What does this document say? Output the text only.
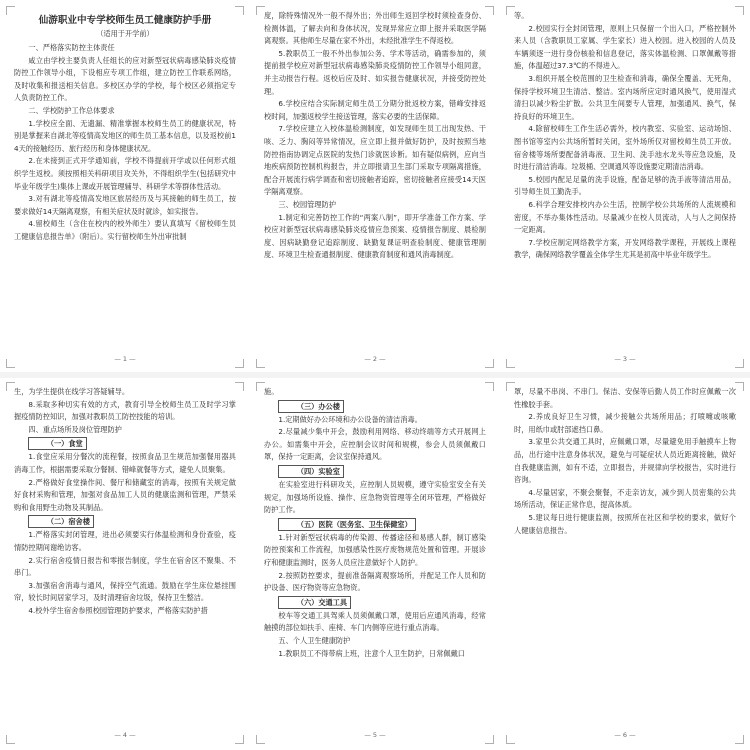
仙游职业中专学校师生员工健康防护手册
（适用于开学前）

一、严格落实防控主体责任

咸立由学校主要负责人任组长的应对新型冠状病毒感染肺炎疫情防控工作领导小组，下设相应专项工作组，建立防控工作联系网络，及时收集和报送相关信息。多校区办学的学校，每个校区必须指定专人负责防控工作。

二、学校防护工作总体要求

1.学校应全面、无遗漏、精准掌握本校师生员工的健康状况，特别是掌握来自湖北等疫情高发地区的师生员工基本信息，以及返校前14天的接触经历、旅行经历和身体健康状况。

2.在未接到正式开学通知前，学校不得提前开学或以任何形式组织学生返校。须按照相关科研项目攻关外，不得组织学生(包括研究中毕业年级学生)集体上课或开展管理辅导、科研学术等群体性活动。

3.对有湖北等疫情高发地区旅居经历及与其接触的师生员工，按要求做好14天隔离观察，有相关症状及时就诊，如实报告。

4.留校师生（含住在校内的校外师生）要认真填写《留校师生员工健康信息报告单》（附后）。实行留校师生外出审批制

— 1 —

度，除特殊情况外一般不得外出；外出师生返回学校时须检查身份、检测体温，了解去向和身体状况，发现异常应立即上报并采取医学隔离观察。其他师生尽量在家不外出，未经批准学生不得返校。

5.教职员工一般不外出参加公务、学术等活动，确需参加的，须提前报学校应对新型冠状病毒感染肺炎疫情防控工作领导小组同意，并主动报告行程。返校后应及时、如实报告健康状况，并接受防控处理。

6.学校应结合实际制定师生员工分期分批返校方案，错峰安排返校时间，加强返校学生接送管理，落实必要的生活保障。

7.学校应建立入校体温检测制度，如发现师生员工出现发热、干咳、乏力、胸闷等异常情况，应立即上报并做好防护，及时按照当地防控指南协调定点医院的发热门诊就医诊断。如有疑似病例，应向当地疾病预防控制机构报告，并立即报请卫生部门采取专项隔离措施，配合开展流行病学调查和密切接触者追踪，密切接触者应接受14天医学隔离观察。

三、校园管理防护

1.制定和完善防控工作的“两案八制”，即开学准备工作方案、学校应对新型冠状病毒感染肺炎疫情应急预案、疫情报告制度、晨检制度、因病缺勤登记追踪制度、缺勤复课证明查验制度、健康管理制度、环境卫生检查通报制度、健康教育制度和通风消毒制度。

— 2 —

等。

2.校园实行全封闭管理，原则上只保留一个出入口，严格控制外来人员（含教职员工家属、学生家长）进入校园。进入校园的人员及车辆须逐一进行身份核验和信息登记，落实体温检测、口罩佩戴等措施，体温超过37.3℃的不得进入。

3.组织开展全校范围的卫生检查和消毒，确保全覆盖、无死角，保持学校环境卫生清洁、整洁。室内场所应定时通风换气，使用湿式清扫以减少粉尘扩散。公共卫生间要专人管理，加强通风、换气，保持良好的环境卫生。

4.除留校师生工作生活必需外，校内教室、实验室、运动场馆、图书馆等室内公共场所暂时关闭，室外场所仅对留校师生员工开放。宿舍楼等场所要配备消毒液、卫生间、洗手池水龙头等应急设施，及时进行清洁消毒。垃圾桶、空调通风等设施要定期清洁消毒。

5.校园内配足足量的洗手设施，配备足够的洗手液等清洁用品，引导师生员工勤洗手。

6.科学合理安排校内办公生活，控制学校公共场所的人流规模和密度，不举办集体性活动。尽量减少在校人员流动，人与人之间保持一定距离。

7.学校应制定网络教学方案，开发网络教学课程，开展线上课程教学，确保网络教学覆盖全体学生尤其是初高中毕业年级学生。

— 3 —

生，为学生提供在线学习答疑辅导。

8.采取多种切实有效的方式，教育引导全校师生员工及时学习掌握疫情防控知识，加强对教职员工防控技能的培训。

四、重点场所及岗位管理防护

（一）食堂

1.食堂应采用分餐次的流程餐，按照食品卫生规范加强餐用器具消毒工作，根据需要采取分餐制、错峰就餐等方式，避免人员聚集。

2.严格做好食堂操作间、餐厅和储藏室的消毒，按照有关规定做好食材采购和管理，加强对食品加工人员的健康监测和管理，严禁采购和食用野生动物及其制品。

（二）宿舍楼

1.严格落实封闭管理，进出必须要实行体温检测和身份查验，疫情防控期间谢绝访客。

2.实行宿舍疫情日报告和零报告制度，学生在宿舍区不聚集、不串门。

3.加强宿舍消毒与通风，保持空气流通。鼓励在学生床位悬挂围帘，较长时间居家学习，及时清理宿舍垃圾，保持卫生整洁。

4.校外学生宿舍参照校园管理防护要求，严格落实防护措

— 4 —

施。

（三）办公楼

1.定期做好办公环境和办公设备的清洁消毒。

2.尽量减少集中开会，鼓励利用网络、移动终端等方式开展网上办公。如需集中开会，应控制会议时间和规模，参会人员须佩戴口罩，保持一定距离，会议室保持通风。

（四）实验室

在实验室进行科研攻关，应控制人员规模，遵守实验室安全有关规定，加强场所设施、操作、应急物资管理等全闭环管理，严格做好防护工作。

（五）医院（医务室、卫生保健室）

1.针对新型冠状病毒的传染源、传播途径和易感人群，制订感染防控预案和工作流程，加强感染性医疗废物规范处置和管理。开展诊疗和健康监测时，医务人员应注意做好个人防护。

2.按照防控要求，提前准备隔离观察场所，并配足工作人员和防护设备、医疗物资等应急物资。

（六）交通工具

校车等交通工具驾乘人员须佩戴口罩，使用后应通风消毒，经常触摸的部位如扶手、座椅、车门内侧等应进行重点消毒。

五、个人卫生健康防护

1.教职员工不得带病上班，注意个人卫生防护，日常佩戴口

— 5 —

罩，尽量不串岗、不串门。保洁、安保等后勤人员工作时应佩戴一次性橡胶手套。

2.养成良好卫生习惯，减少接触公共场所用品；打喷嚏或咳嗽时，用纸巾或肘部遮挡口鼻。

3.家里公共交通工具时，应佩戴口罩，尽量避免用手触摸车上物品，出行途中注意身体状况，避免与可疑症状人员近距离接触，做好自我健康监测，如有不适，立即报告，并规律向学校报告，实时进行咨询。

4.尽量居家，不聚会聚餐，不走亲访友，减少到人员密集的公共场所活动，保证正常作息，提高体质。

5.建议每日进行健康监测，按照所在社区和学校的要求，做好个人健康信息报告。

— 6 —
